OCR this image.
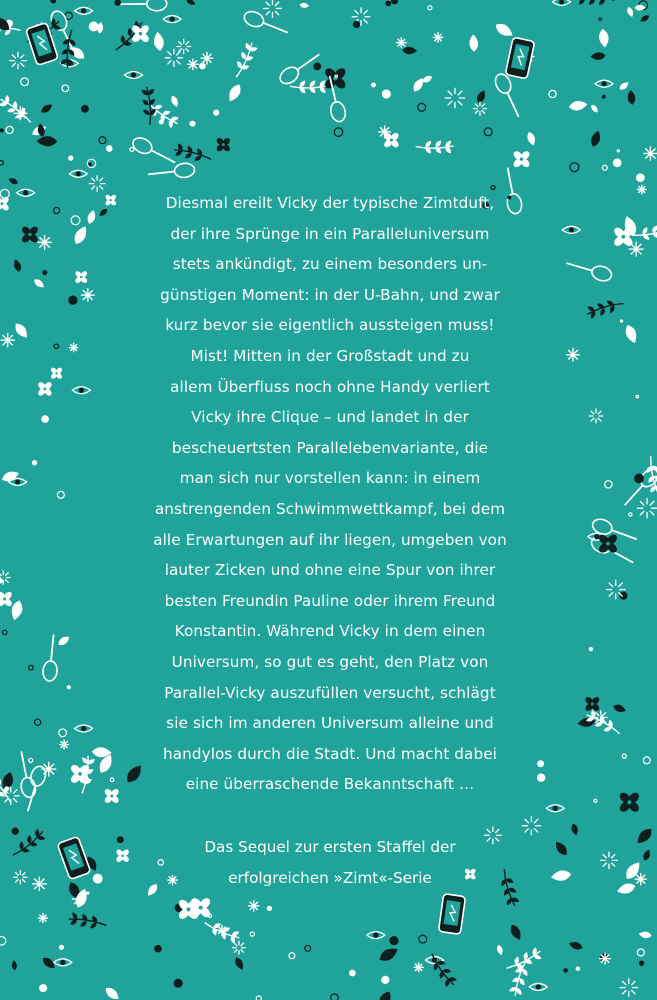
Diesmal ereilt Vicky der typische Zimtduft,
der ihre Sprünge in ein Paralleluniversum
stets ankündigt, zu einem besonders un-
günstigen Moment: in der U-Bahn, und zwar
kurz bevor sie eigentlich aussteigen muss!
Mist! Mitten in der Großstadt und zu
allem Überfluss noch ohne Handy verliert
Vicky ihre Clique – und landet in der
bescheuertsten Parallelebenvariante, die
man sich nur vorstellen kann: in einem
anstrengenden Schwimmwettkampf, bei dem
alle Erwartungen auf ihr liegen, umgeben von
lauter Zicken und ohne eine Spur von ihrer
besten Freundin Pauline oder ihrem Freund
Konstantin. Während Vicky in dem einen
Universum, so gut es geht, den Platz von
Parallel-Vicky auszufüllen versucht, schlägt
sie sich im anderen Universum alleine und
handylos durch die Stadt. Und macht dabei
eine überraschende Bekanntschaft …
Das Sequel zur ersten Staffel der
erfolgreichen »Zimt«-Serie
